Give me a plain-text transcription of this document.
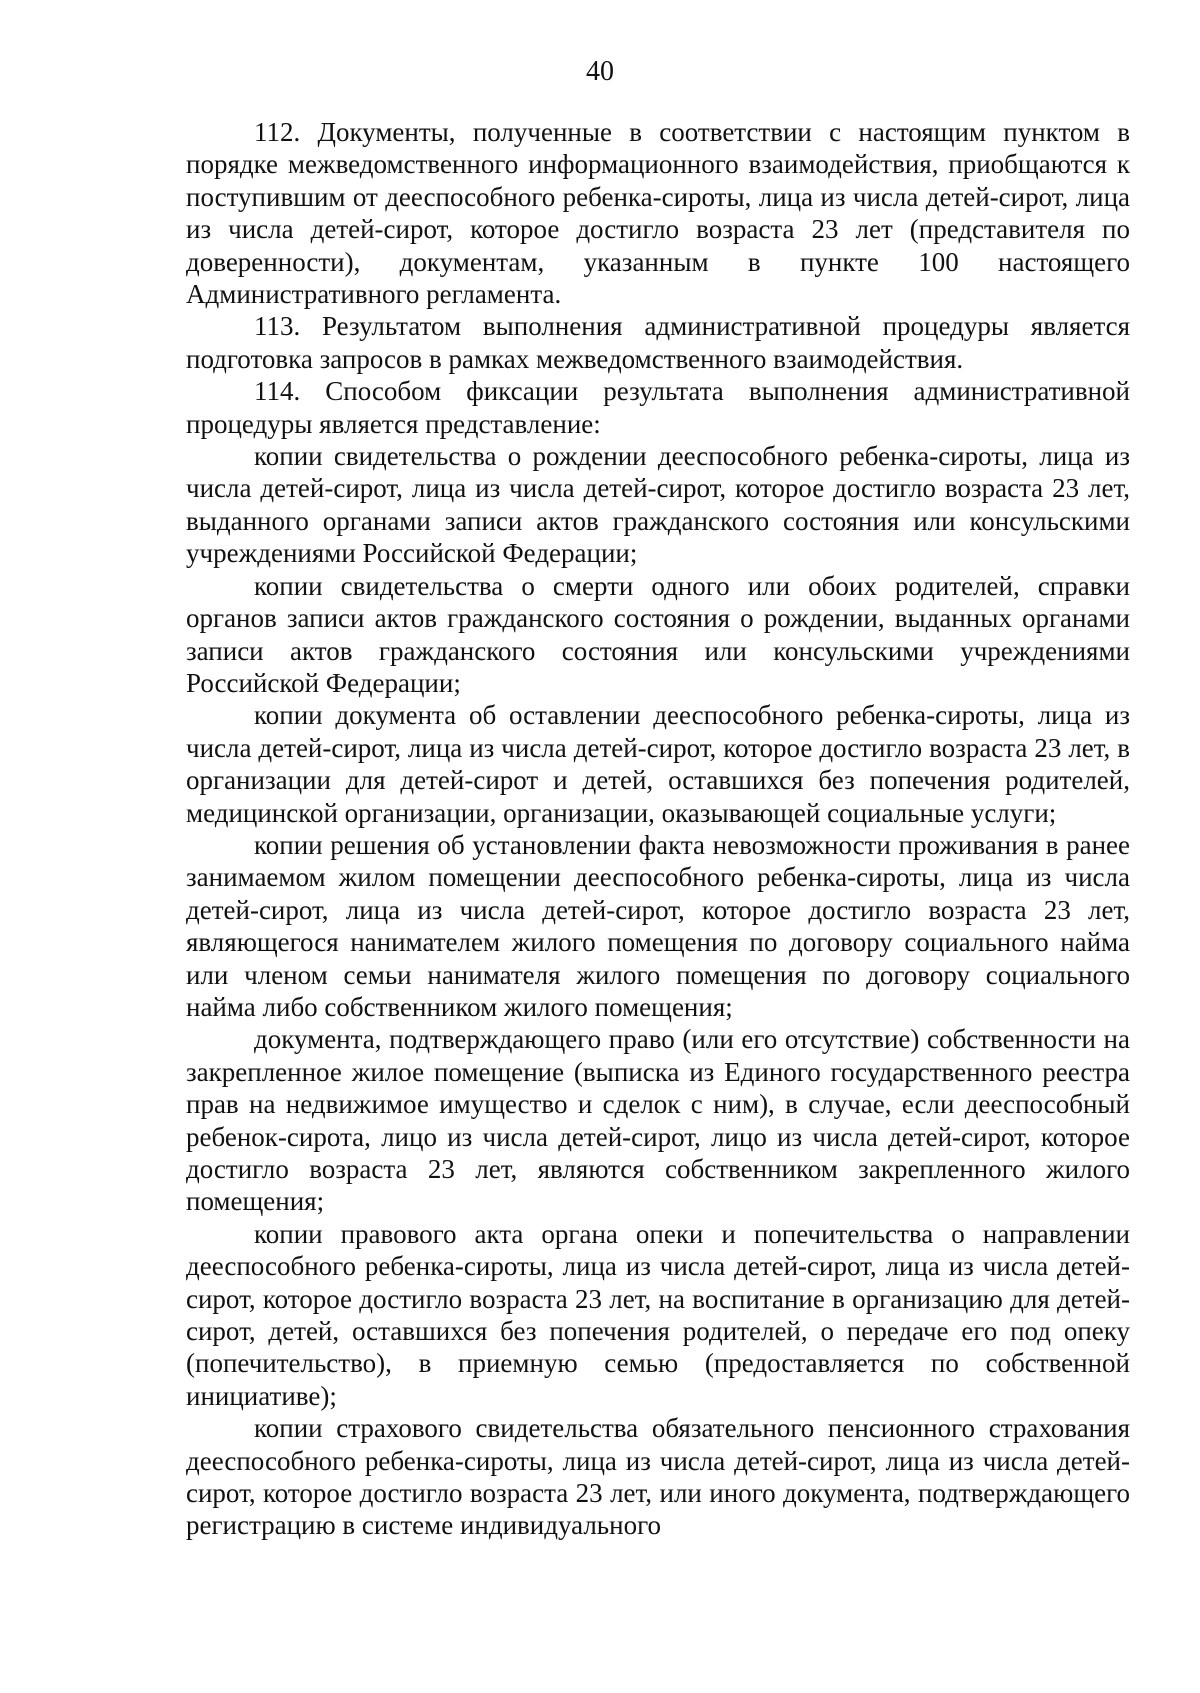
40

112. Документы, полученные в соответствии с настоящим пунктом в порядке межведомственного информационного взаимодействия, приобщаются к поступившим от дееспособного ребенка-сироты, лица из числа детей-сирот, лица из числа детей-сирот, которое достигло возраста 23 лет (представителя по доверенности), документам, указанным в пункте 100 настоящего Административного регламента.

113. Результатом выполнения административной процедуры является подготовка запросов в рамках межведомственного взаимодействия.

114. Способом фиксации результата выполнения административной процедуры является представление:

копии свидетельства о рождении дееспособного ребенка-сироты, лица из числа детей-сирот, лица из числа детей-сирот, которое достигло возраста 23 лет, выданного органами записи актов гражданского состояния или консульскими учреждениями Российской Федерации;

копии свидетельства о смерти одного или обоих родителей, справки органов записи актов гражданского состояния о рождении, выданных органами записи актов гражданского состояния или консульскими учреждениями Российской Федерации;

копии документа об оставлении дееспособного ребенка-сироты, лица из числа детей-сирот, лица из числа детей-сирот, которое достигло возраста 23 лет, в организации для детей-сирот и детей, оставшихся без попечения родителей, медицинской организации, организации, оказывающей социальные услуги;

копии решения об установлении факта невозможности проживания в ранее занимаемом жилом помещении дееспособного ребенка-сироты, лица из числа детей-сирот, лица из числа детей-сирот, которое достигло возраста 23 лет, являющегося нанимателем жилого помещения по договору социального найма или членом семьи нанимателя жилого помещения по договору социального найма либо собственником жилого помещения;

документа, подтверждающего право (или его отсутствие) собственности на закрепленное жилое помещение (выписка из Единого государственного реестра прав на недвижимое имущество и сделок с ним), в случае, если дееспособный ребенок-сирота, лицо из числа детей-сирот, лицо из числа детей-сирот, которое достигло возраста 23 лет, являются собственником закрепленного жилого помещения;

копии правового акта органа опеки и попечительства о направлении дееспособного ребенка-сироты, лица из числа детей-сирот, лица из числа детей-сирот, которое достигло возраста 23 лет, на воспитание в организацию для детей-сирот, детей, оставшихся без попечения родителей, о передаче его под опеку (попечительство), в приемную семью (предоставляется по собственной инициативе);

копии страхового свидетельства обязательного пенсионного страхования дееспособного ребенка-сироты, лица из числа детей-сирот, лица из числа детей-сирот, которое достигло возраста 23 лет, или иного документа, подтверждающего регистрацию в системе индивидуального
